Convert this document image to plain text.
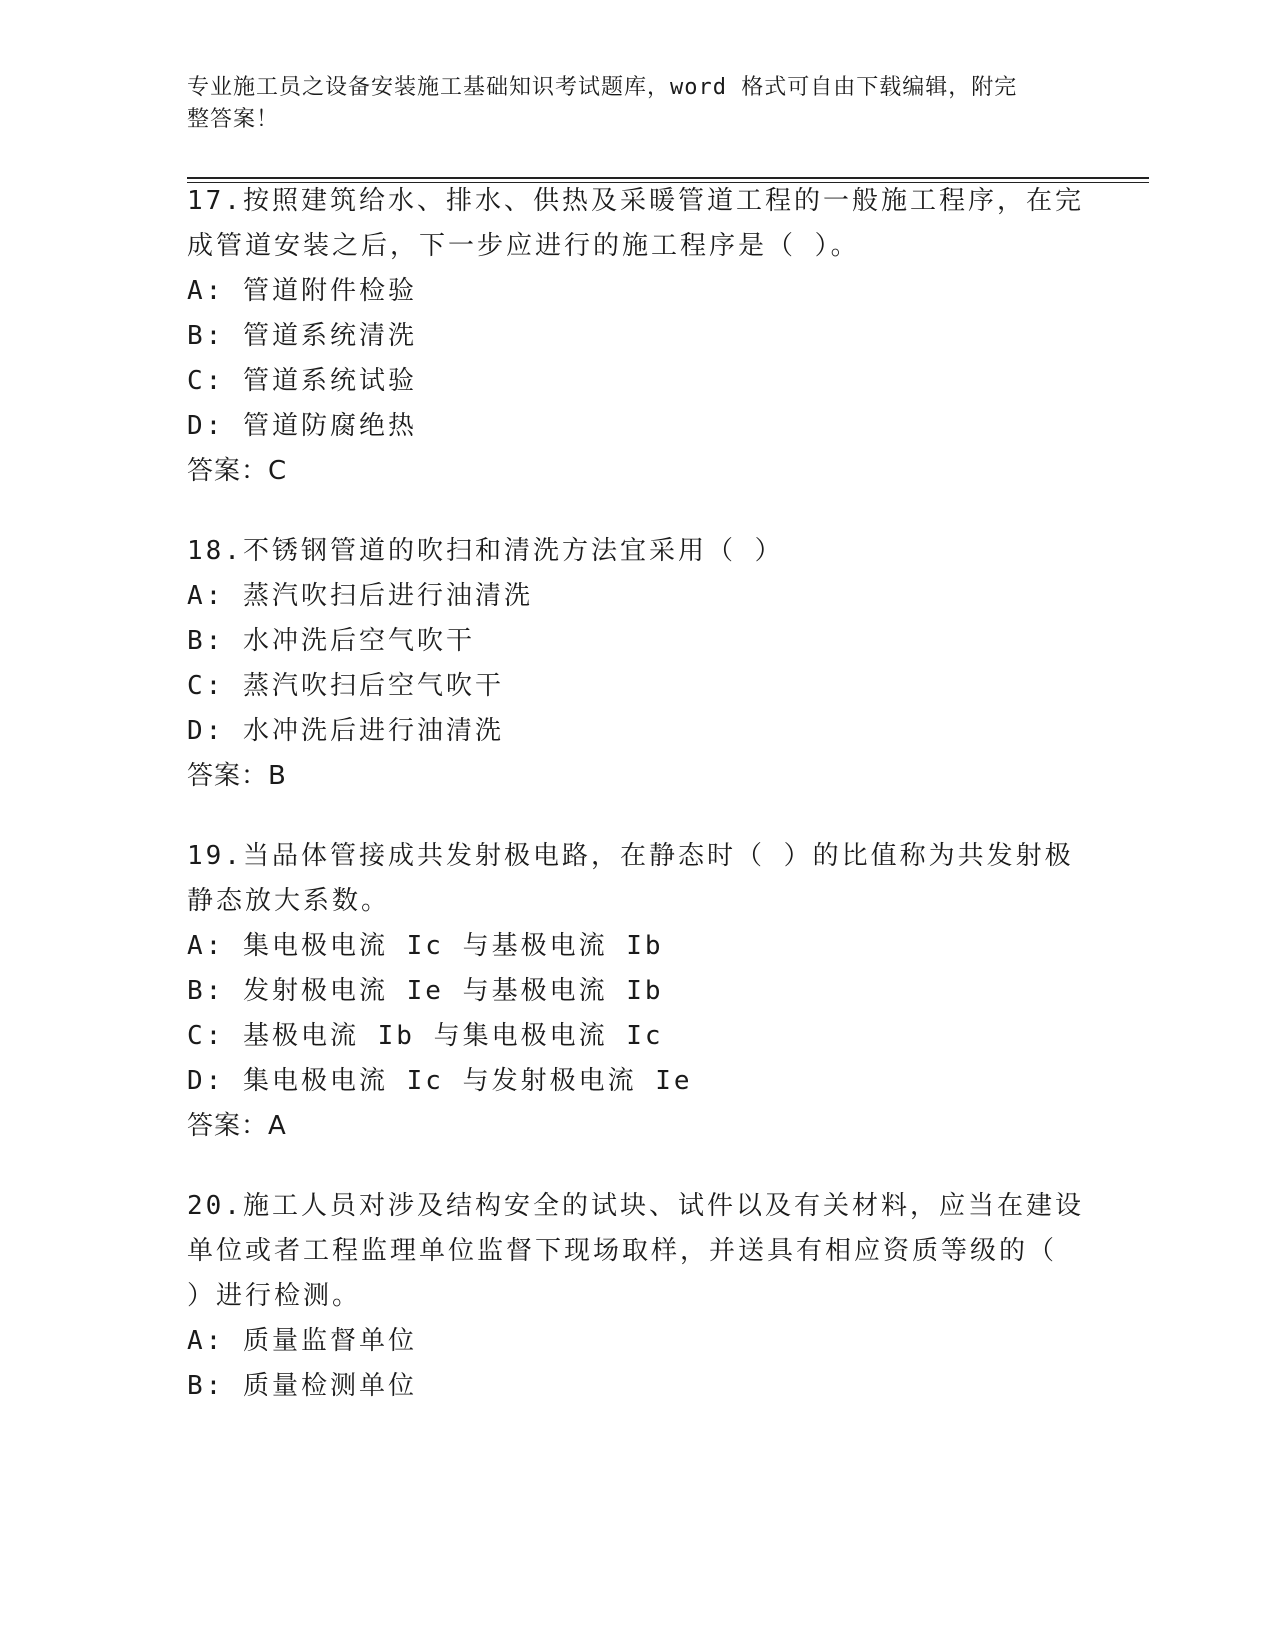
专业施工员之设备安装施工基础知识考试题库，word 格式可自由下载编辑，附完
整答案！
17.按照建筑给水、排水、供热及采暖管道工程的一般施工程序，在完
成管道安装之后，下一步应进行的施工程序是（ ）。
A: 管道附件检验
B: 管道系统清洗
C: 管道系统试验
D: 管道防腐绝热
答案：C
18.不锈钢管道的吹扫和清洗方法宜采用（ ）
A: 蒸汽吹扫后进行油清洗
B: 水冲洗后空气吹干
C: 蒸汽吹扫后空气吹干
D: 水冲洗后进行油清洗
答案：B
19.当品体管接成共发射极电路，在静态时（ ）的比值称为共发射极
静态放大系数。
A: 集电极电流 Ic 与基极电流 Ib
B: 发射极电流 Ie 与基极电流 Ib
C: 基极电流 Ib 与集电极电流 Ic
D: 集电极电流 Ic 与发射极电流 Ie
答案：A
20.施工人员对涉及结构安全的试块、试件以及有关材料，应当在建设
单位或者工程监理单位监督下现场取样，并送具有相应资质等级的（
）进行检测。
A: 质量监督单位
B: 质量检测单位
